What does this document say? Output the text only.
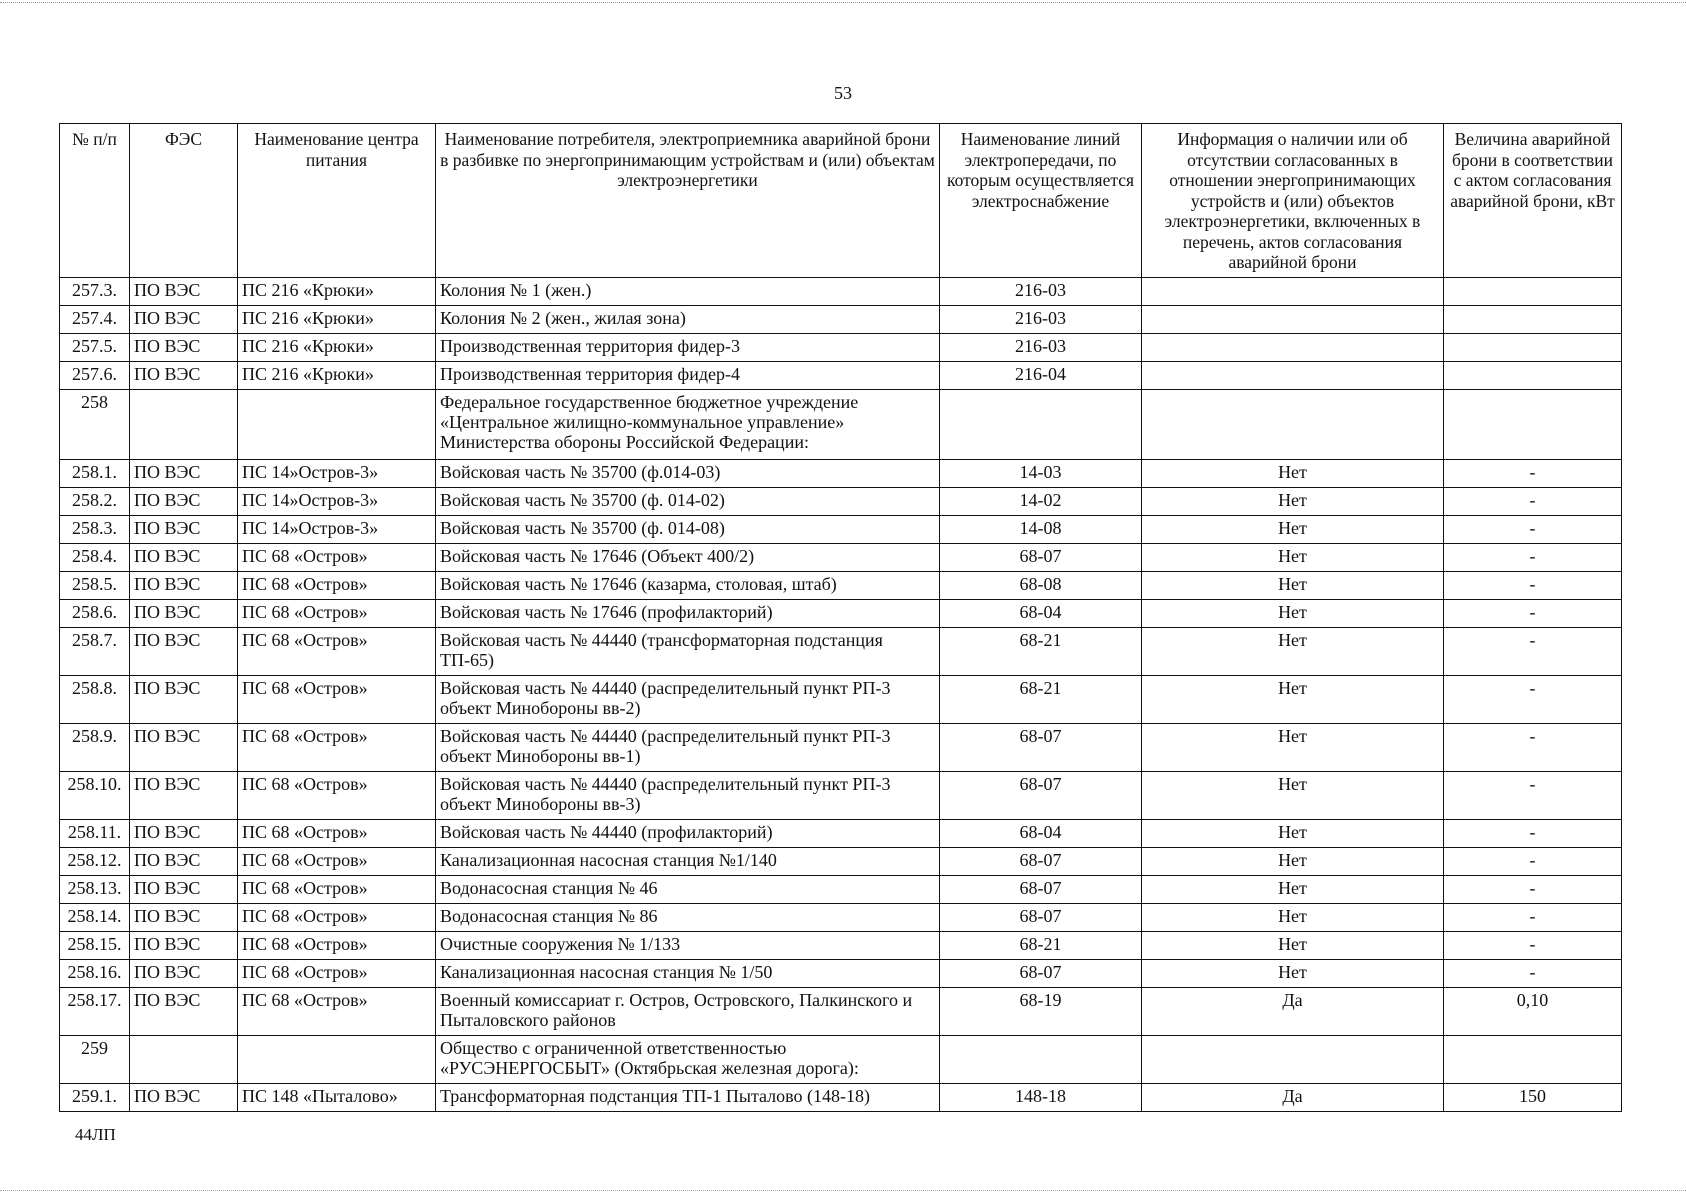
53
№ п/п	ФЭС	Наименование центра питания	Наименование потребителя, электроприемника аварийной брони в разбивке по энергопринимающим устройствам и (или) объектам электроэнергетики	Наименование линий электропередачи, по которым осуществляется электроснабжение	Информация о наличии или об отсутствии согласованных в отношении энергопринимающих устройств и (или) объектов электроэнергетики, включенных в перечень, актов согласования аварийной брони	Величина аварийной брони в соответствии с актом согласования аварийной брони, кВт
257.3.	ПО ВЭС	ПС 216 «Крюки»	Колония № 1 (жен.)	216-03		
257.4.	ПО ВЭС	ПС 216 «Крюки»	Колония № 2 (жен., жилая зона)	216-03		
257.5.	ПО ВЭС	ПС 216 «Крюки»	Производственная территория фидер-3	216-03		
257.6.	ПО ВЭС	ПС 216 «Крюки»	Производственная территория фидер-4	216-04		
258			Федеральное государственное бюджетное учреждение «Центральное жилищно-коммунальное управление» Министерства обороны Российской Федерации:			
258.1.	ПО ВЭС	ПС 14»Остров-3»	Войсковая часть № 35700 (ф.014-03)	14-03	Нет	-
258.2.	ПО ВЭС	ПС 14»Остров-3»	Войсковая часть № 35700 (ф. 014-02)	14-02	Нет	-
258.3.	ПО ВЭС	ПС 14»Остров-3»	Войсковая часть № 35700 (ф. 014-08)	14-08	Нет	-
258.4.	ПО ВЭС	ПС 68 «Остров»	Войсковая часть № 17646 (Объект 400/2)	68-07	Нет	-
258.5.	ПО ВЭС	ПС 68 «Остров»	Войсковая часть № 17646 (казарма, столовая, штаб)	68-08	Нет	-
258.6.	ПО ВЭС	ПС 68 «Остров»	Войсковая часть № 17646 (профилакторий)	68-04	Нет	-
258.7.	ПО ВЭС	ПС 68 «Остров»	Войсковая часть № 44440 (трансформаторная подстанция ТП-65)	68-21	Нет	-
258.8.	ПО ВЭС	ПС 68 «Остров»	Войсковая часть № 44440 (распределительный пункт РП-3 объект Минобороны вв-2)	68-21	Нет	-
258.9.	ПО ВЭС	ПС 68 «Остров»	Войсковая часть № 44440 (распределительный пункт РП-3 объект Минобороны вв-1)	68-07	Нет	-
258.10.	ПО ВЭС	ПС 68 «Остров»	Войсковая часть № 44440 (распределительный пункт РП-3 объект Минобороны вв-3)	68-07	Нет	-
258.11.	ПО ВЭС	ПС 68 «Остров»	Войсковая часть № 44440 (профилакторий)	68-04	Нет	-
258.12.	ПО ВЭС	ПС 68 «Остров»	Канализационная насосная станция №1/140	68-07	Нет	-
258.13.	ПО ВЭС	ПС 68 «Остров»	Водонасосная станция № 46	68-07	Нет	-
258.14.	ПО ВЭС	ПС 68 «Остров»	Водонасосная станция № 86	68-07	Нет	-
258.15.	ПО ВЭС	ПС 68 «Остров»	Очистные сооружения № 1/133	68-21	Нет	-
258.16.	ПО ВЭС	ПС 68 «Остров»	Канализационная насосная станция № 1/50	68-07	Нет	-
258.17.	ПО ВЭС	ПС 68 «Остров»	Военный комиссариат г. Остров, Островского, Палкинского и Пыталовского районов	68-19	Да	0,10
259			Общество с ограниченной ответственностью «РУСЭНЕРГОСБЫТ» (Октябрьская железная дорога):			
259.1.	ПО ВЭС	ПС 148 «Пыталово»	Трансформаторная подстанция ТП-1 Пыталово (148-18)	148-18	Да	150
44ЛП
